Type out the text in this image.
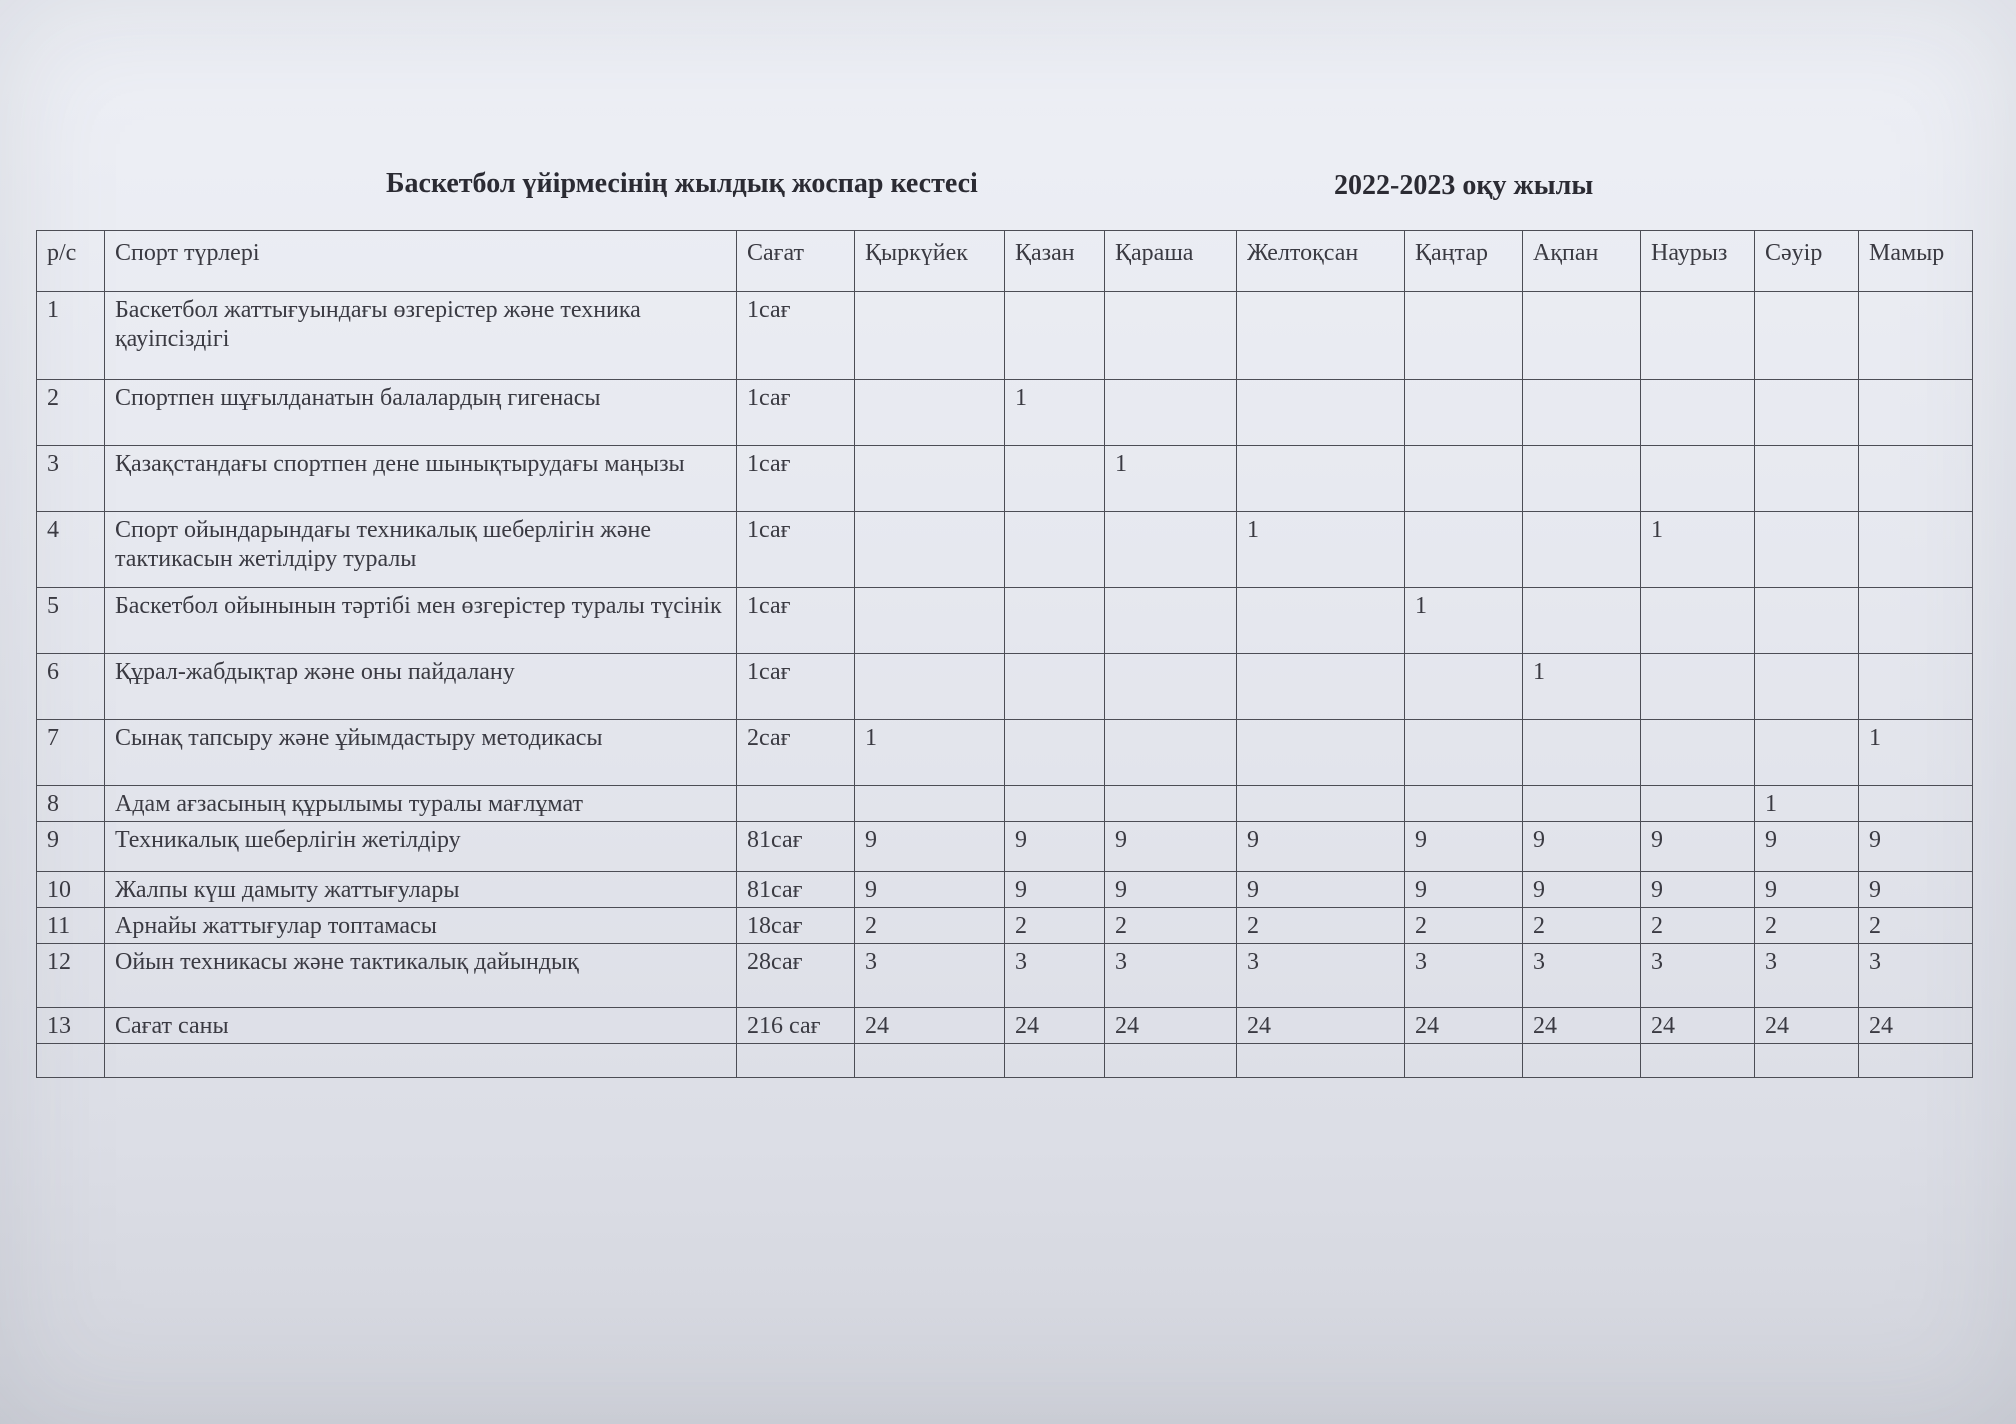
Баскетбол үйірмесінің жылдық жоспар кестесі	2022-2023 оқу жылы
р/с	Спорт түрлері	Сағат	Қыркүйек	Қазан	Қараша	Желтоқсан	Қаңтар	Ақпан	Наурыз	Сәуір	Мамыр
1	Баскетбол жаттығуындағы өзгерістер және техника қауіпсіздігі	1сағ									
2	Спортпен шұғылданатын балалардың гигенасы	1сағ		1							
3	Қазақстандағы спортпен дене шынықтырудағы маңызы	1сағ			1						
4	Спорт ойындарындағы техникалық шеберлігін және тактикасын жетілдіру туралы	1сағ				1			1		
5	Баскетбол ойынынын тәртібі мен өзгерістер туралы түсінік	1сағ					1				
6	Құрал-жабдықтар және оны пайдалану	1сағ						1			
7	Сынақ тапсыру және ұйымдастыру методикасы	2сағ	1								1
8	Адам ағзасының құрылымы туралы мағлұмат									1	
9	Техникалық шеберлігін жетілдіру	81сағ	9	9	9	9	9	9	9	9	9
10	Жалпы күш дамыту жаттығулары	81сағ	9	9	9	9	9	9	9	9	9
11	Арнайы жаттығулар топтамасы	18сағ	2	2	2	2	2	2	2	2	2
12	Ойын техникасы және тактикалық дайындық	28сағ	3	3	3	3	3	3	3	3	3
13	Сағат саны	216 сағ	24	24	24	24	24	24	24	24	24
